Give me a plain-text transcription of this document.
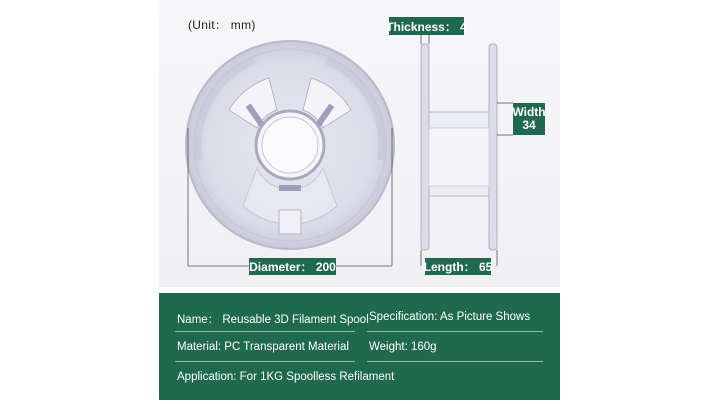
(Unit： mm)	Thickness： 4
Width
34
Diameter： 200	Length： 65
Name： Reusable 3D Filament Spool Specification: As Picture Shows
Material: PC Transparent Material Weight: 160g
Application: For 1KG Spoolless Refilament
